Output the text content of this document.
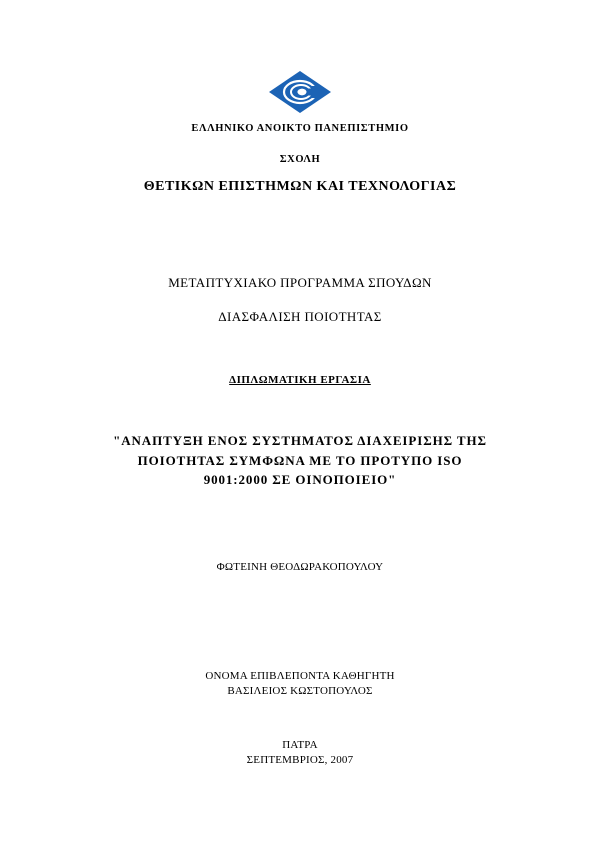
ΕΛΛΗΝΙΚΟ ΑΝΟΙΚΤΟ ΠΑΝΕΠΙΣΤΗΜΙΟ
ΣΧΟΛΗ
ΘΕΤΙΚΩΝ ΕΠΙΣΤΗΜΩΝ ΚΑΙ ΤΕΧΝΟΛΟΓΙΑΣ
ΜΕΤΑΠΤΥΧΙΑΚΟ ΠΡΟΓΡΑΜΜΑ ΣΠΟΥΔΩΝ
ΔΙΑΣΦΑΛΙΣΗ ΠΟΙΟΤΗΤΑΣ
ΔΙΠΛΩΜΑΤΙΚΗ ΕΡΓΑΣΙΑ
"ΑΝΑΠΤΥΞΗ ΕΝΟΣ ΣΥΣΤΗΜΑΤΟΣ ΔΙΑΧΕΙΡΙΣΗΣ ΤΗΣ
ΠΟΙΟΤΗΤΑΣ ΣΥΜΦΩΝΑ ΜΕ ΤΟ ΠΡΟΤΥΠΟ ISO
9001:2000 ΣΕ ΟΙΝΟΠΟΙΕΙΟ"
ΦΩΤΕΙΝΗ ΘΕΟΔΩΡΑΚΟΠΟΥΛΟΥ
ΟΝΟΜΑ ΕΠΙΒΛΕΠΟΝΤΑ ΚΑΘΗΓΗΤΗ
ΒΑΣΙΛΕΙΟΣ ΚΩΣΤΟΠΟΥΛΟΣ
ΠΑΤΡΑ
ΣΕΠΤΕΜΒΡΙΟΣ, 2007
